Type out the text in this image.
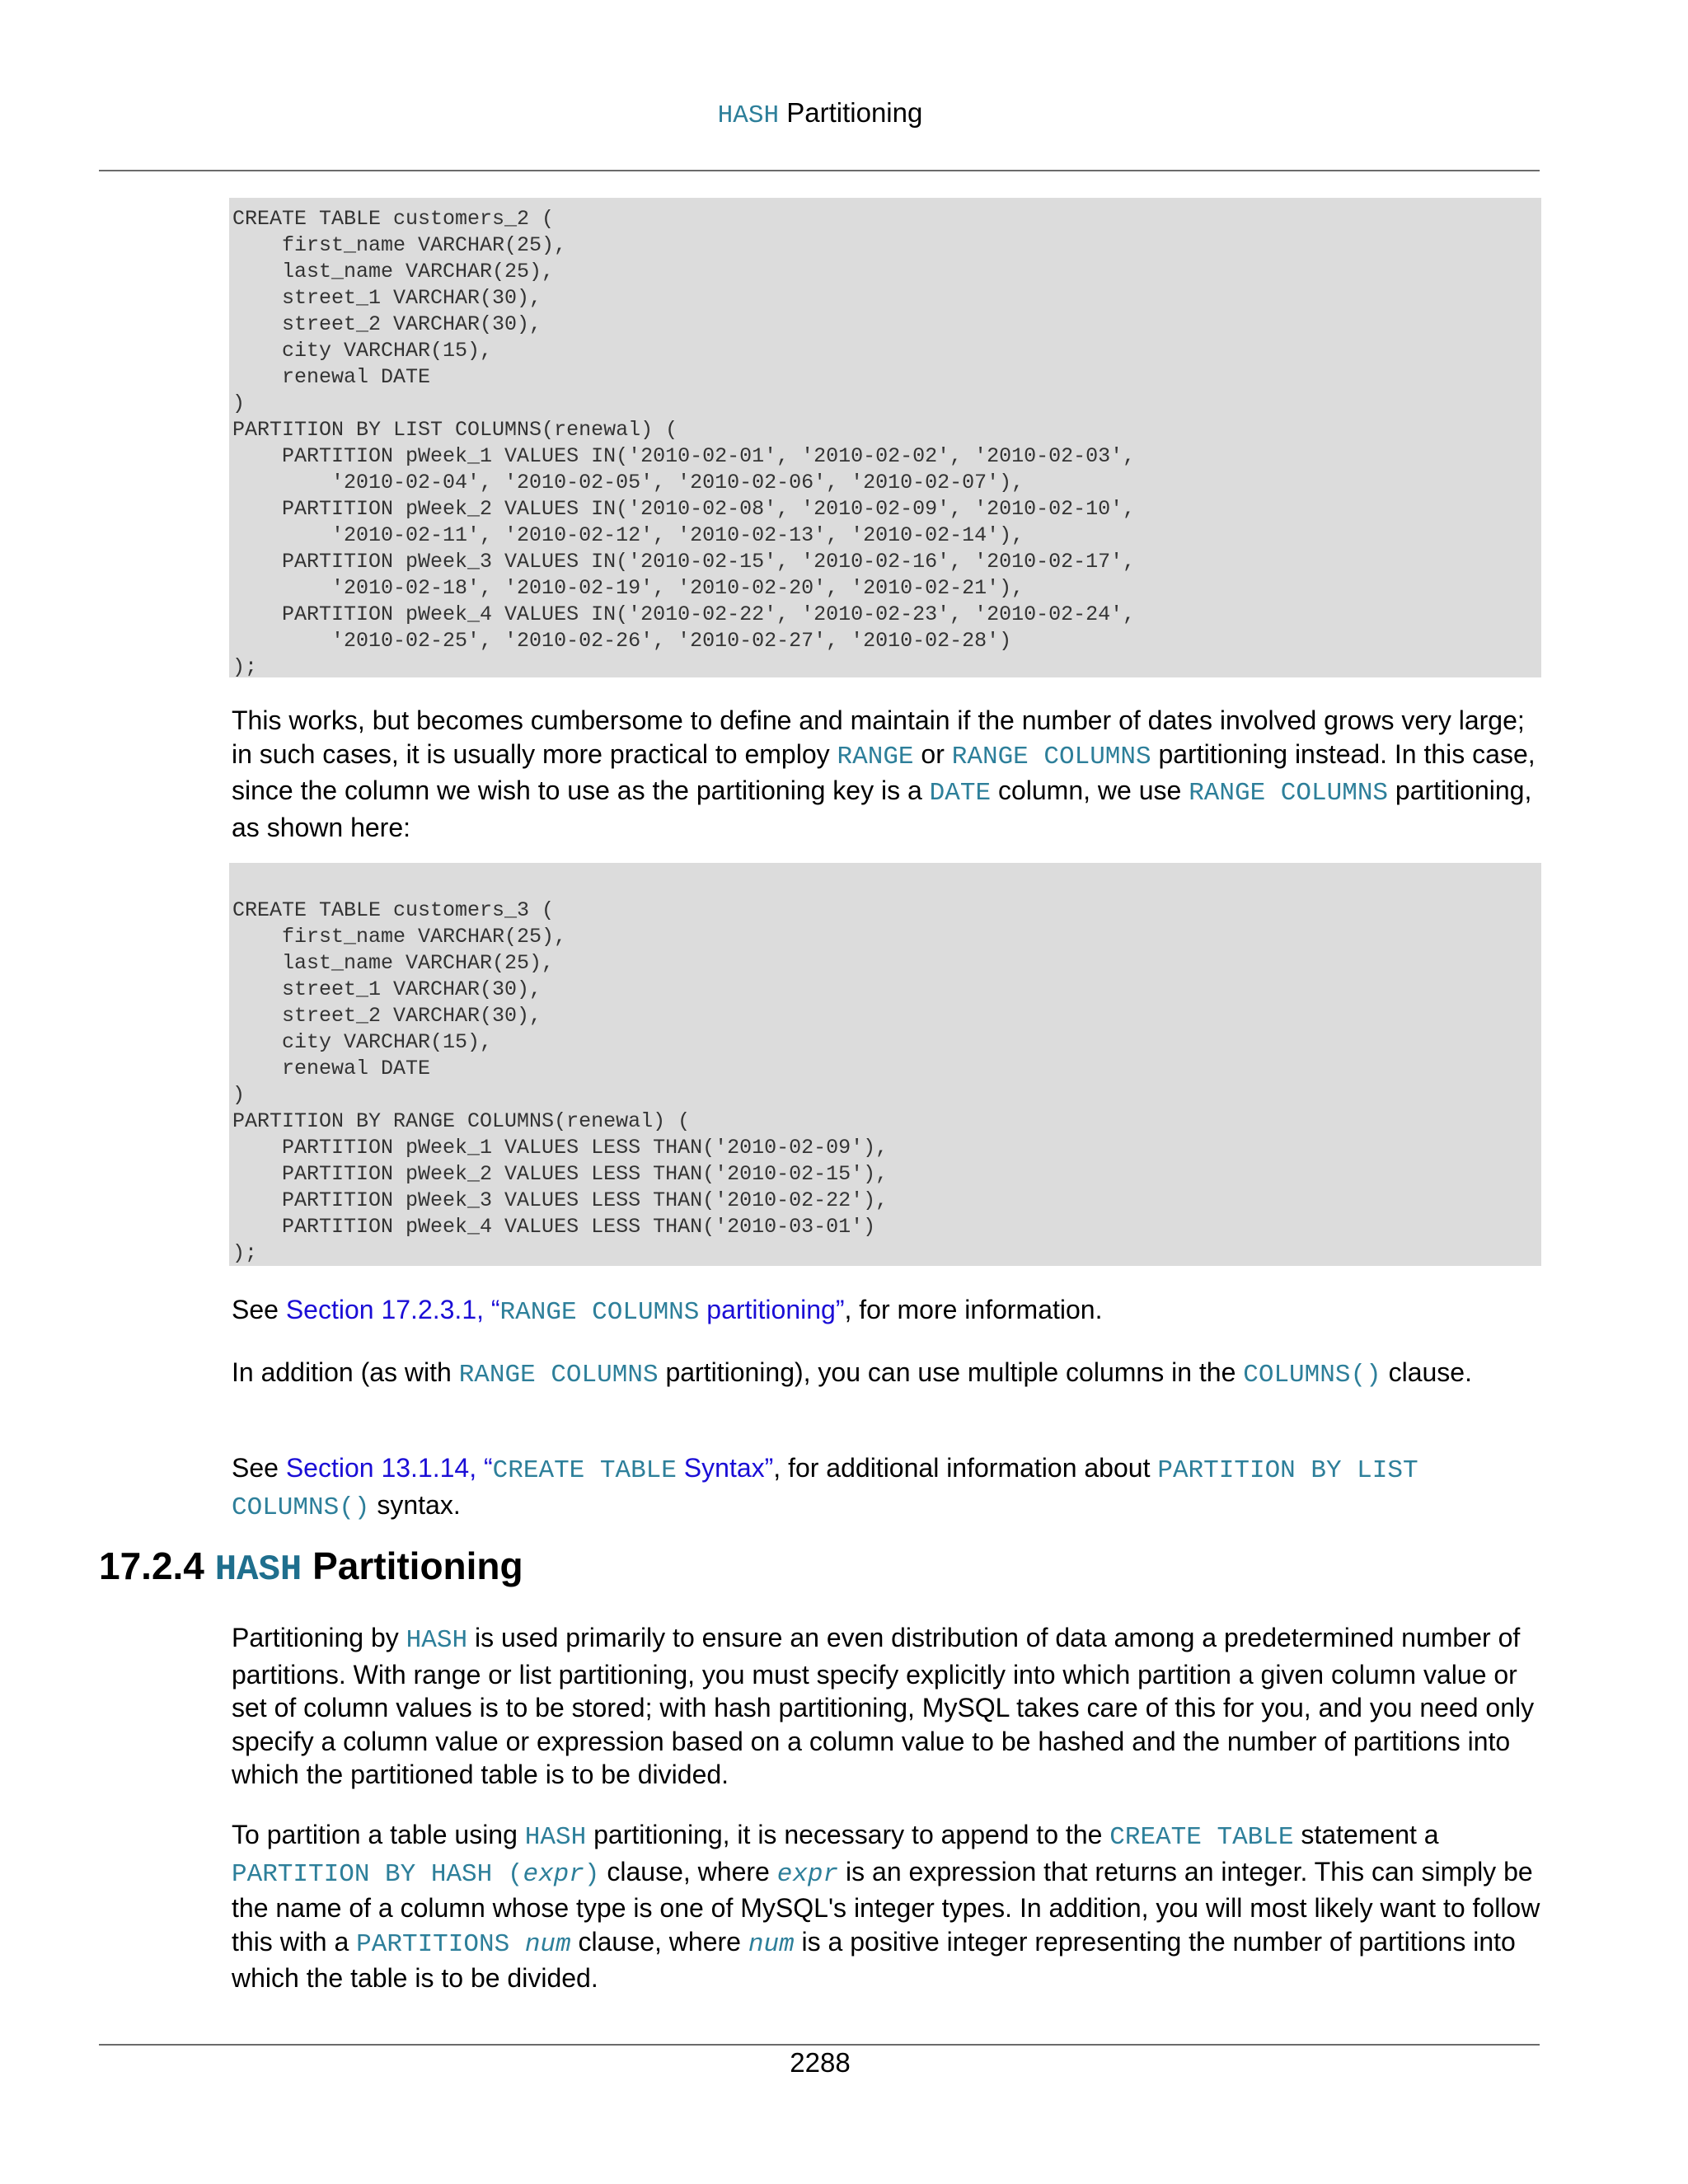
HASH Partitioning
CREATE TABLE customers_2 (
first_name VARCHAR(25),
last_name VARCHAR(25),
street_1 VARCHAR(30),
street_2 VARCHAR(30),
city VARCHAR(15),
renewal DATE
)
PARTITION BY LIST COLUMNS(renewal) (
PARTITION pWeek_1 VALUES IN('2010-02-01', '2010-02-02', '2010-02-03',
'2010-02-04', '2010-02-05', '2010-02-06', '2010-02-07'),
PARTITION pWeek_2 VALUES IN('2010-02-08', '2010-02-09', '2010-02-10',
'2010-02-11', '2010-02-12', '2010-02-13', '2010-02-14'),
PARTITION pWeek_3 VALUES IN('2010-02-15', '2010-02-16', '2010-02-17',
'2010-02-18', '2010-02-19', '2010-02-20', '2010-02-21'),
PARTITION pWeek_4 VALUES IN('2010-02-22', '2010-02-23', '2010-02-24',
'2010-02-25', '2010-02-26', '2010-02-27', '2010-02-28')
);

This works, but becomes cumbersome to define and maintain if the number of dates involved grows very large; in such cases, it is usually more practical to employ RANGE or RANGE COLUMNS partitioning instead. In this case, since the column we wish to use as the partitioning key is a DATE column, we use RANGE COLUMNS partitioning, as shown here:

CREATE TABLE customers_3 (
first_name VARCHAR(25),
last_name VARCHAR(25),
street_1 VARCHAR(30),
street_2 VARCHAR(30),
city VARCHAR(15),
renewal DATE
)
PARTITION BY RANGE COLUMNS(renewal) (
PARTITION pWeek_1 VALUES LESS THAN('2010-02-09'),
PARTITION pWeek_2 VALUES LESS THAN('2010-02-15'),
PARTITION pWeek_3 VALUES LESS THAN('2010-02-22'),
PARTITION pWeek_4 VALUES LESS THAN('2010-03-01')
);

See Section 17.2.3.1, “RANGE COLUMNS partitioning”, for more information.

In addition (as with RANGE COLUMNS partitioning), you can use multiple columns in the COLUMNS() clause.

See Section 13.1.14, “CREATE TABLE Syntax”, for additional information about PARTITION BY LIST COLUMNS() syntax.

17.2.4 HASH Partitioning

Partitioning by HASH is used primarily to ensure an even distribution of data among a predetermined number of partitions. With range or list partitioning, you must specify explicitly into which partition a given column value or set of column values is to be stored; with hash partitioning, MySQL takes care of this for you, and you need only specify a column value or expression based on a column value to be hashed and the number of partitions into which the partitioned table is to be divided.

To partition a table using HASH partitioning, it is necessary to append to the CREATE TABLE statement a PARTITION BY HASH (expr) clause, where expr is an expression that returns an integer. This can simply be the name of a column whose type is one of MySQL's integer types. In addition, you will most likely want to follow this with a PARTITIONS num clause, where num is a positive integer representing the number of partitions into which the table is to be divided.

2288
